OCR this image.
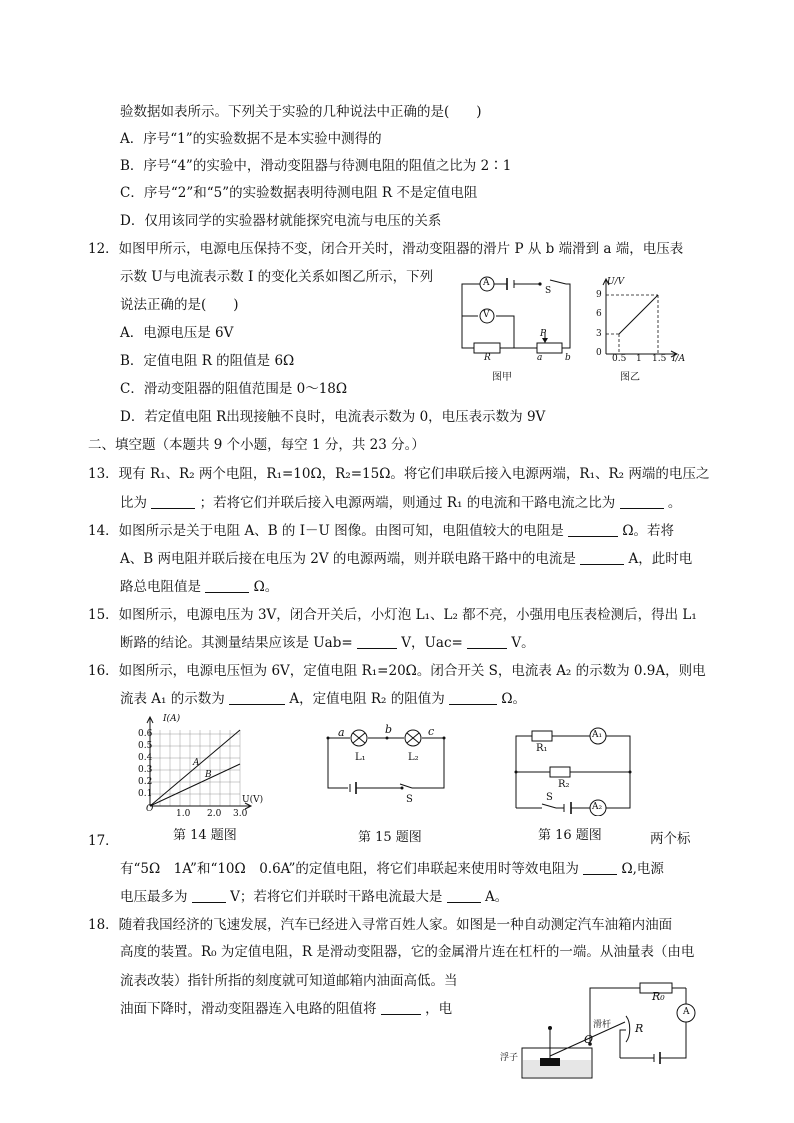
验数据如表所示。下列关于实验的几种说法中正确的是(　　)
A．序号“1”的实验数据不是本实验中测得的
B．序号“4”的实验中，滑动变阻器与待测电阻的阻值之比为 2∶1
C．序号“2”和“5”的实验数据表明待测电阻 R 不是定值电阻
D．仅用该同学的实验器材就能探究电流与电压的关系
12．如图甲所示，电源电压保持不变，闭合开关时，滑动变阻器的滑片 P 从 b 端滑到 a 端，电压表
示数 U与电流表示数 I 的变化关系如图乙所示，下列
说法正确的是(　　)
A．电源电压是 6V
B．定值电阻 R 的阻值是 6Ω
C．滑动变阻器的阻值范围是 0～18Ω
D．若定值电阻 R出现接触不良时，电流表示数为 0，电压表示数为 9V
A
V
S
P
R	a	b
图甲
U/V
9
6
3
0
0.5 1 1.5 I/A
图乙
二、填空题（本题共 9 个小题，每空 1 分，共 23 分。）
13．现有 R₁、R₂ 两个电阻，R₁=10Ω，R₂=15Ω。将它们串联后接入电源两端，R₁、R₂ 两端的电压之
比为	；若将它们并联后接入电源两端，则通过 R₁ 的电流和干路电流之比为	。
14．如图所示是关于电阻 A、B 的 I－U 图像。由图可知，电阻值较大的电阻是	Ω。若将
A、B 两电阻并联后接在电压为 2V 的电源两端，则并联电路干路中的电流是	A，此时电
路总电阻值是	Ω。
15．如图所示，电源电压为 3V，闭合开关后，小灯泡 L₁、L₂ 都不亮，小强用电压表检测后，得出 L₁
断路的结论。其测量结果应该是 Uab=	V，Uac=	V。
16．如图所示，电源电压恒为 6V，定值电阻 R₁=20Ω。闭合开关 S，电流表 A₂ 的示数为 0.9A，则电
流表 A₁ 的示数为	A，定值电阻 R₂ 的阻值为	Ω。
I(A)
0.6
0.5
0.4
0.3
0.2
0.1
O
A
B
U(V)
1.0 2.0 3.0
第 14 题图
a	b	c
L₁	L₂
S
第 15 题图
R₁
A₁
R₂
S
A₂
第 16 题图
17．	两个标
有“5Ω　1A”和“10Ω　0.6A”的定值电阻，将它们串联起来使用时等效电阻为	Ω,电源
电压最多为	V；若将它们并联时干路电流最大是	A。
18．随着我国经济的飞速发展，汽车已经进入寻常百姓人家。如图是一种自动测定汽车油箱内油面
高度的装置。R₀ 为定值电阻，R 是滑动变阻器，它的金属滑片连在杠杆的一端。从油量表（由电
流表改装）指针所指的刻度就可知道邮箱内油面高低。当
油面下降时，滑动变阻器连入电路的阻值将	，电
R₀
滑杆 R
A
O
浮子
